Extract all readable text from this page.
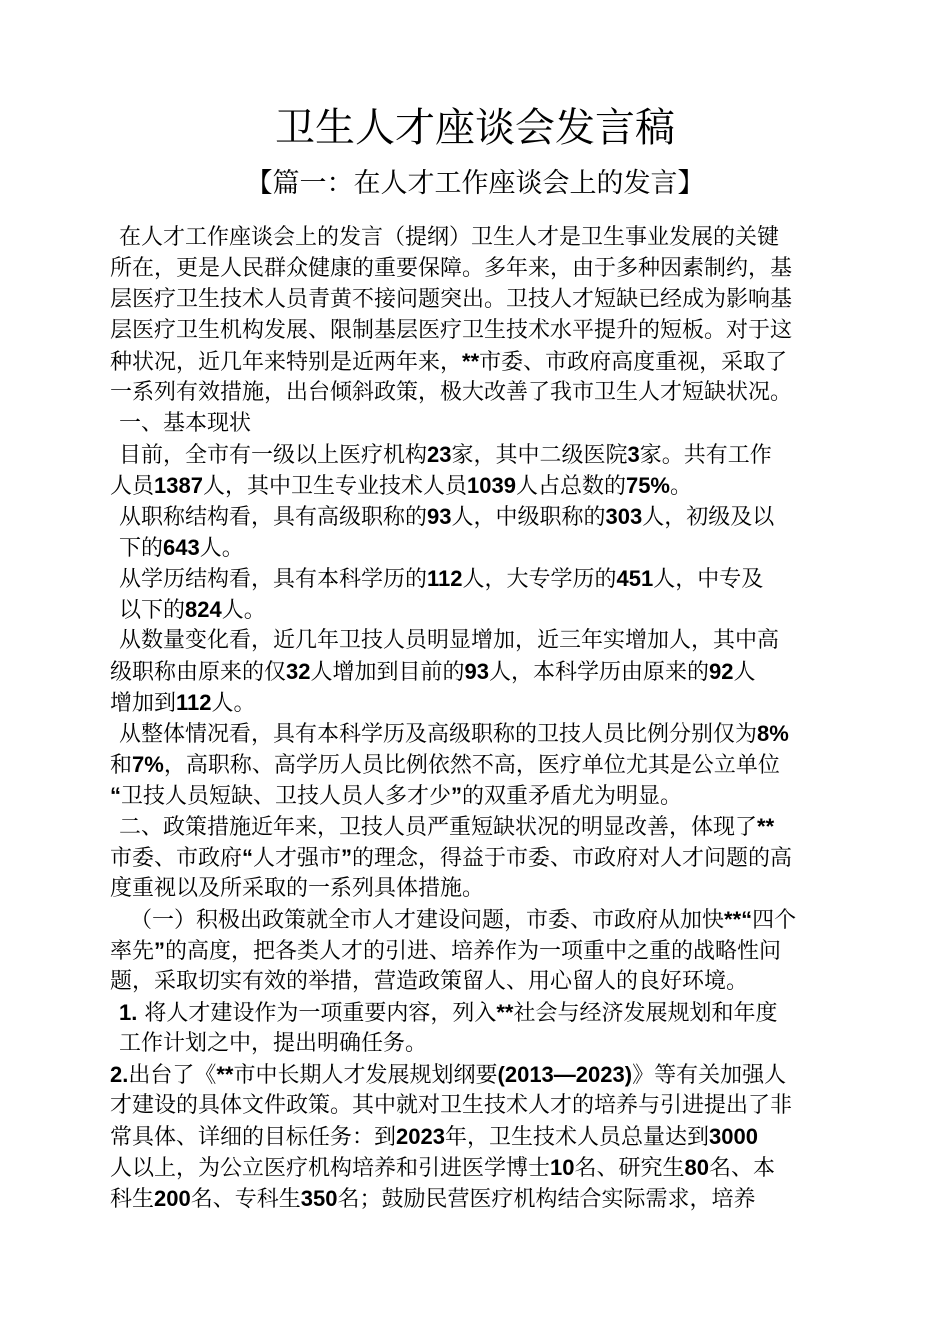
卫生人才座谈会发言稿
【篇一：在人才工作座谈会上的发言】
在人才工作座谈会上的发言（提纲）卫生人才是卫生事业发展的关键
所在，更是人民群众健康的重要保障。多年来，由于多种因素制约，基
层医疗卫生技术人员青黄不接问题突出。卫技人才短缺已经成为影响基
层医疗卫生机构发展、限制基层医疗卫生技术水平提升的短板。对于这
种状况，近几年来特别是近两年来，**市委、市政府高度重视，采取了
一系列有效措施，出台倾斜政策，极大改善了我市卫生人才短缺状况。
一、基本现状
目前，全市有一级以上医疗机构23家，其中二级医院3家。共有工作
人员1387人，其中卫生专业技术人员1039人占总数的75%。
从职称结构看，具有高级职称的93人，中级职称的303人，初级及以
下的643人。
从学历结构看，具有本科学历的112人，大专学历的451人，中专及
以下的824人。
从数量变化看，近几年卫技人员明显增加，近三年实增加人，其中高
级职称由原来的仅32人增加到目前的93人，本科学历由原来的92人
增加到112人。
从整体情况看，具有本科学历及高级职称的卫技人员比例分别仅为8%
和7%，高职称、高学历人员比例依然不高，医疗单位尤其是公立单位
“卫技人员短缺、卫技人员人多才少”的双重矛盾尤为明显。
二、政策措施近年来，卫技人员严重短缺状况的明显改善，体现了**
市委、市政府“人才强市”的理念，得益于市委、市政府对人才问题的高
度重视以及所采取的一系列具体措施。
（一）积极出政策就全市人才建设问题，市委、市政府从加快**“四个
率先”的高度，把各类人才的引进、培养作为一项重中之重的战略性问
题，采取切实有效的举措，营造政策留人、用心留人的良好环境。
1. 将人才建设作为一项重要内容，列入**社会与经济发展规划和年度
工作计划之中，提出明确任务。
2.出台了《**市中长期人才发展规划纲要(2013—2023)》等有关加强人
才建设的具体文件政策。其中就对卫生技术人才的培养与引进提出了非
常具体、详细的目标任务：到2023年，卫生技术人员总量达到3000
人以上，为公立医疗机构培养和引进医学博士10名、研究生80名、本
科生200名、专科生350名；鼓励民营医疗机构结合实际需求，培养
